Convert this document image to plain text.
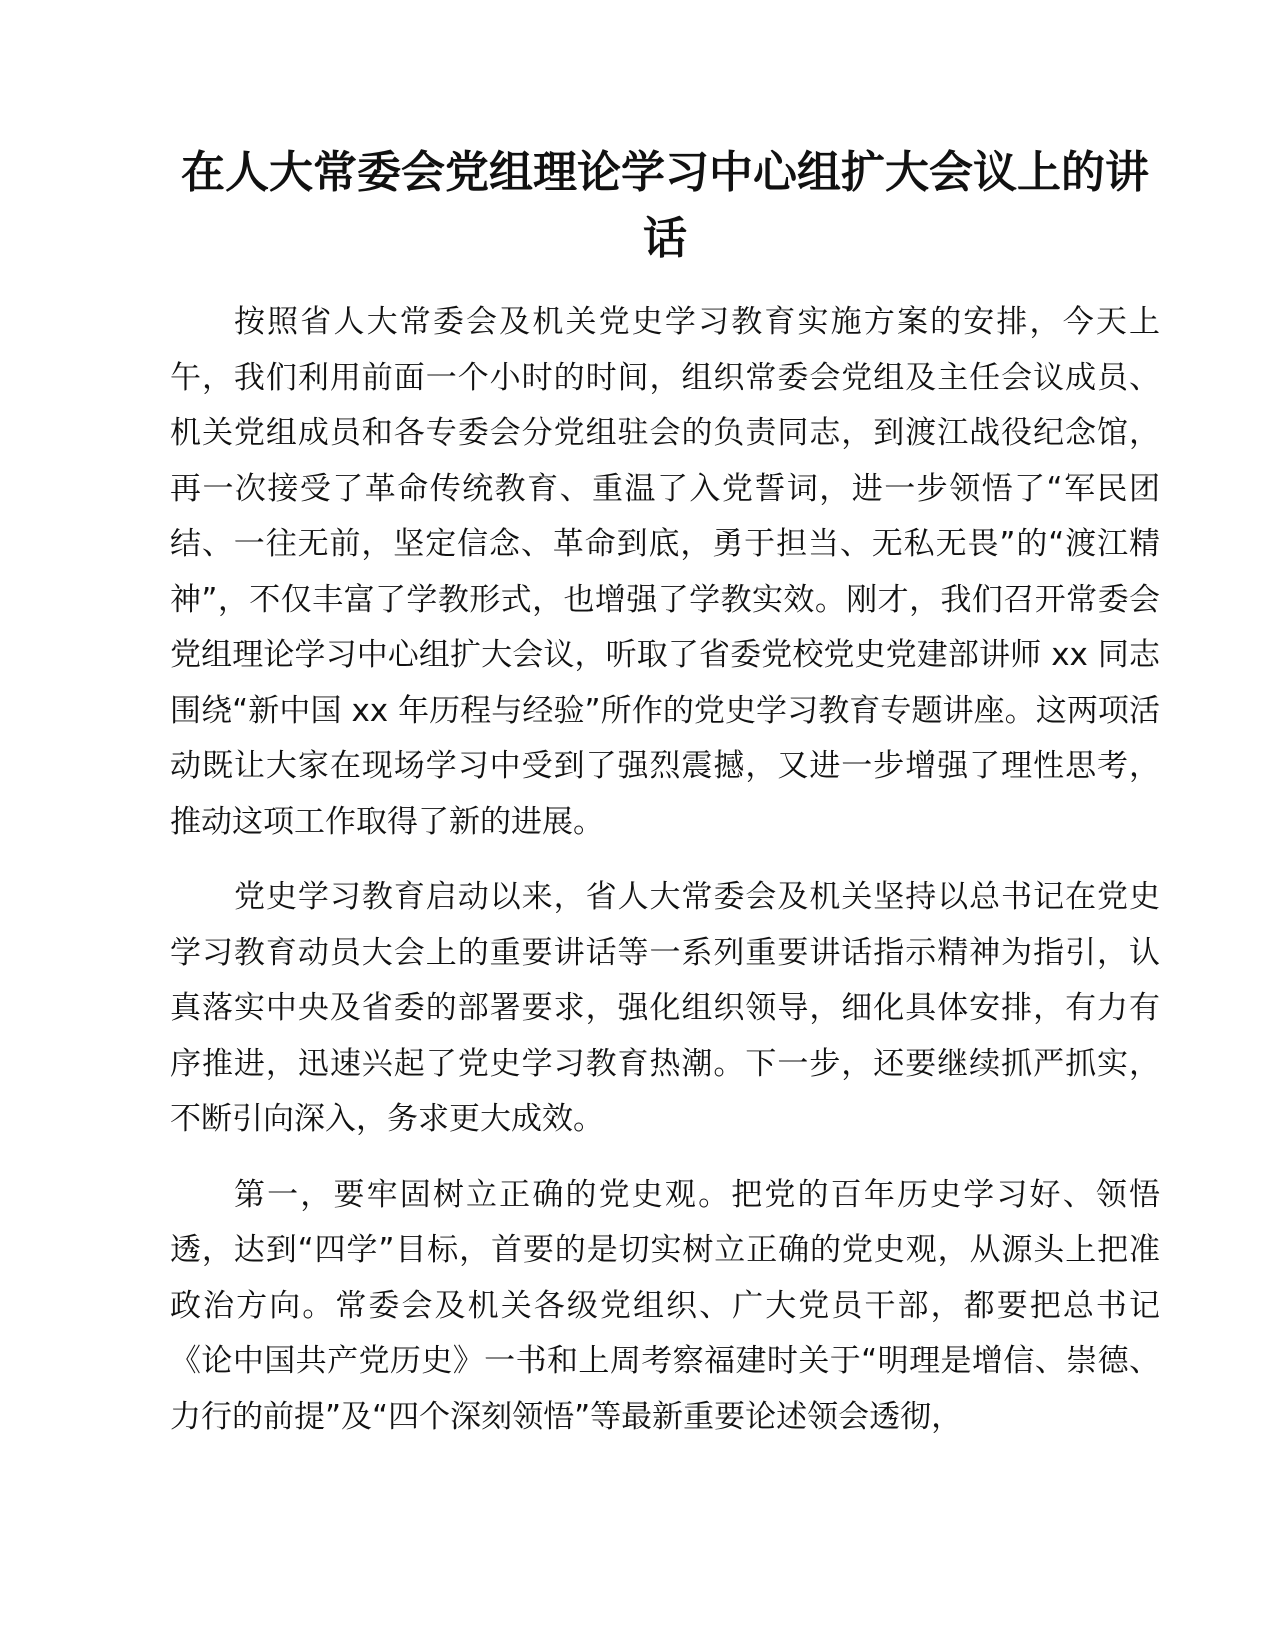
在人大常委会党组理论学习中心组扩大会议上的讲话

按照省人大常委会及机关党史学习教育实施方案的安排，今天上午，我们利用前面一个小时的时间，组织常委会党组及主任会议成员、机关党组成员和各专委会分党组驻会的负责同志，到渡江战役纪念馆，再一次接受了革命传统教育、重温了入党誓词，进一步领悟了“军民团结、一往无前，坚定信念、革命到底，勇于担当、无私无畏”的“渡江精神”，不仅丰富了学教形式，也增强了学教实效。刚才，我们召开常委会党组理论学习中心组扩大会议，听取了省委党校党史党建部讲师 xx 同志围绕“新中国 xx 年历程与经验”所作的党史学习教育专题讲座。这两项活动既让大家在现场学习中受到了强烈震撼，又进一步增强了理性思考，推动这项工作取得了新的进展。

党史学习教育启动以来，省人大常委会及机关坚持以总书记在党史学习教育动员大会上的重要讲话等一系列重要讲话指示精神为指引，认真落实中央及省委的部署要求，强化组织领导，细化具体安排，有力有序推进，迅速兴起了党史学习教育热潮。下一步，还要继续抓严抓实，不断引向深入，务求更大成效。

第一，要牢固树立正确的党史观。把党的百年历史学习好、领悟透，达到“四学”目标，首要的是切实树立正确的党史观，从源头上把准政治方向。常委会及机关各级党组织、广大党员干部，都要把总书记《论中国共产党历史》一书和上周考察福建时关于“明理是增信、崇德、力行的前提”及“四个深刻领悟”等最新重要论述领会透彻，
